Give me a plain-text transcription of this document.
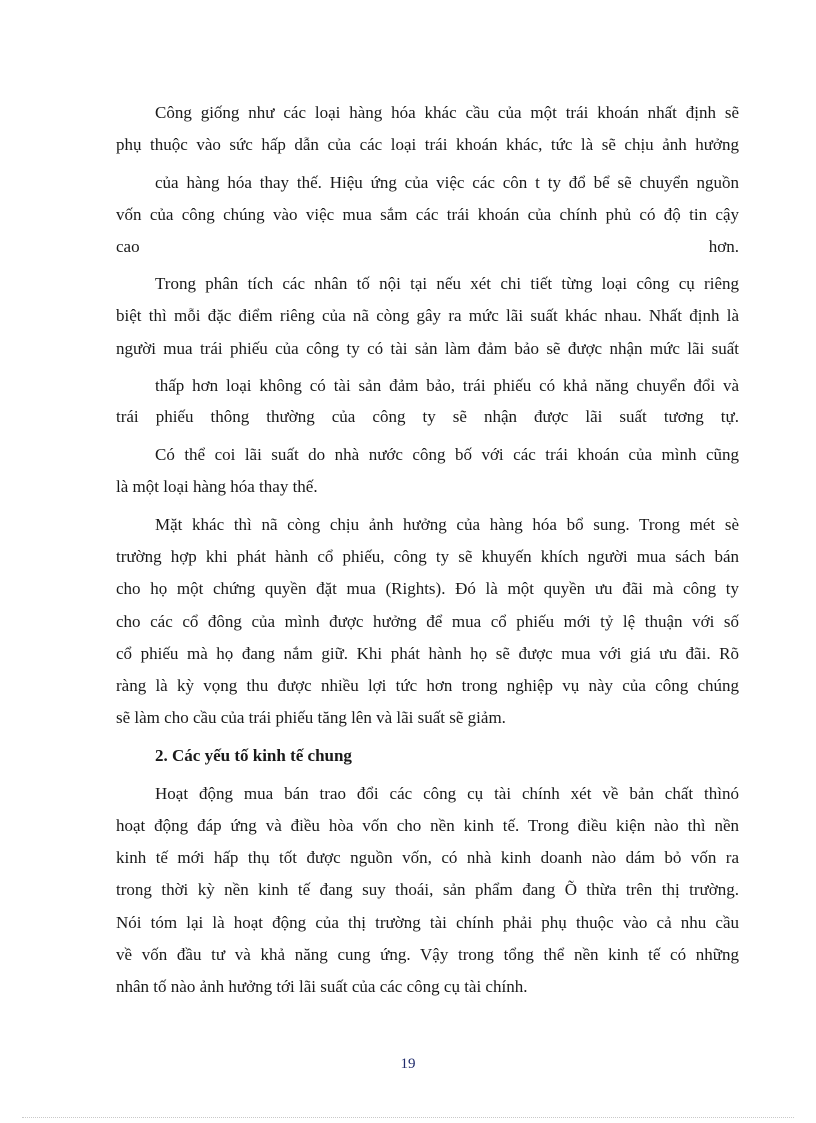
Công giống như các loại hàng hóa khác cầu của một trái khoán nhất định sẽ
phụ thuộc vào sức hấp dẫn của các loại trái khoán khác, tức là sẽ chịu ảnh hưởng
của hàng hóa thay thế. Hiệu ứng của việc các côn t ty đổ bể sẽ chuyển nguồn
vốn của công chúng vào việc mua sắm các trái khoán của chính phủ có độ tin cậy
cao hơn.
Trong phân tích các nhân tố nội tại nếu xét chi tiết từng loại công cụ riêng
biệt thì mỗi đặc điểm riêng của nã còng gây ra mức lãi suất khác nhau. Nhất định là
người mua trái phiếu của công ty có tài sản làm đảm bảo sẽ được nhận mức lãi suất
thấp hơn loại không có tài sản đảm bảo, trái phiếu có khả năng chuyển đổi và
trái phiếu thông thường của công ty sẽ nhận được lãi suất tương tự.
Có thể coi lãi suất do nhà nước công bố với các trái khoán của mình cũng
là một loại hàng hóa thay thế.
Mặt khác thì nã còng chịu ảnh hưởng của hàng hóa bổ sung. Trong mét sè
trường hợp khi phát hành cổ phiếu, công ty sẽ khuyến khích người mua sách bán
cho họ một chứng quyền đặt mua (Rights). Đó là một quyền ưu đãi mà công ty
cho các cổ đông của mình được hưởng để mua cổ phiếu mới tỷ lệ thuận với số
cổ phiếu mà họ đang nắm giữ. Khi phát hành họ sẽ được mua với giá ưu đãi. Rõ
ràng là kỳ vọng thu được nhiều lợi tức hơn trong nghiệp vụ này của công chúng
sẽ làm cho cầu của trái phiếu tăng lên và lãi suất sẽ giảm.
2. Các yếu tố kinh tế chung
Hoạt động mua bán trao đổi các công cụ tài chính xét về bản chất thìnó
hoạt động đáp ứng và điều hòa vốn cho nền kinh tế. Trong điều kiện nào thì nền
kinh tế mới hấp thụ tốt được nguồn vốn, có nhà kinh doanh nào dám bỏ vốn ra
trong thời kỳ nền kinh tế đang suy thoái, sản phẩm đang Õ thừa trên thị trường.
Nói tóm lại là hoạt động của thị trường tài chính phải phụ thuộc vào cả nhu cầu
về vốn đầu tư và khả năng cung ứng. Vậy trong tổng thể nền kinh tế có những
nhân tố nào ảnh hưởng tới lãi suất của các công cụ tài chính.
19
